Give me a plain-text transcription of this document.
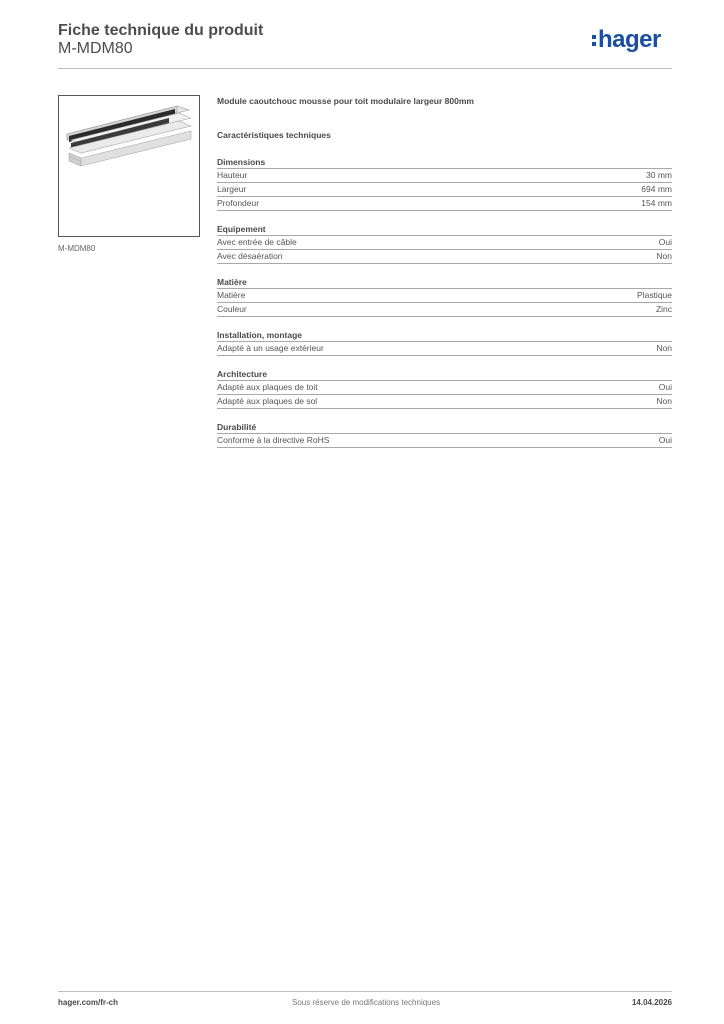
Fiche technique du produit
M-MDM80	hager
M-MDM80
Module caoutchouc mousse pour toit modulaire largeur 800mm
Caractéristiques techniques
Dimensions
Hauteur	30 mm
Largeur	694 mm
Profondeur	154 mm
Equipement
Avec entrée de câble	Oui
Avec désaération	Non
Matière
Matière	Plastique
Couleur	Zinc
Installation, montage
Adapté à un usage extérieur	Non
Architecture
Adapté aux plaques de toit	Oui
Adapté aux plaques de sol	Non
Durabilité
Conforme à la directive RoHS	Oui
hager.com/fr-ch	Sous réserve de modifications techniques	14.04.2026
